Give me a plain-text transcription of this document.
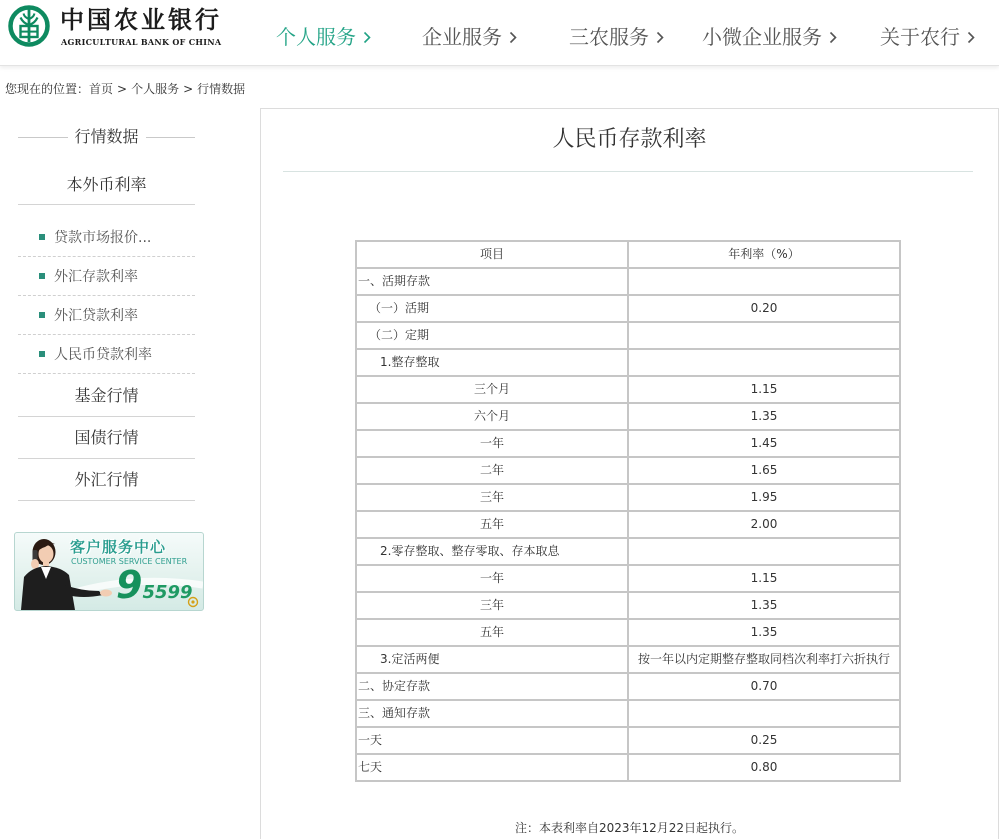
中国农业银行
AGRICULTURAL BANK OF CHINA	个人服务	企业服务	三农服务	小微企业服务	关于农行
您现在的位置： 首页 > 个人服务 > 行情数据
行情数据
本外币利率
贷款市场报价...
外汇存款利率
外汇贷款利率
人民币贷款利率
基金行情
国债行情
外汇行情
客户服务中心
CUSTOMER SERVICE CENTER
95599
人民币存款利率
项目	年利率（%）
一、活期存款
（一）活期	0.20
（二）定期
1.整存整取
三个月	1.15
六个月	1.35
一年	1.45
二年	1.65
三年	1.95
五年	2.00
2.零存整取、整存零取、存本取息
一年	1.15
三年	1.35
五年	1.35
3.定活两便	按一年以内定期整存整取同档次利率打六折执行
二、协定存款	0.70
三、通知存款
一天	0.25
七天	0.80
注：本表利率自2023年12月22日起执行。
